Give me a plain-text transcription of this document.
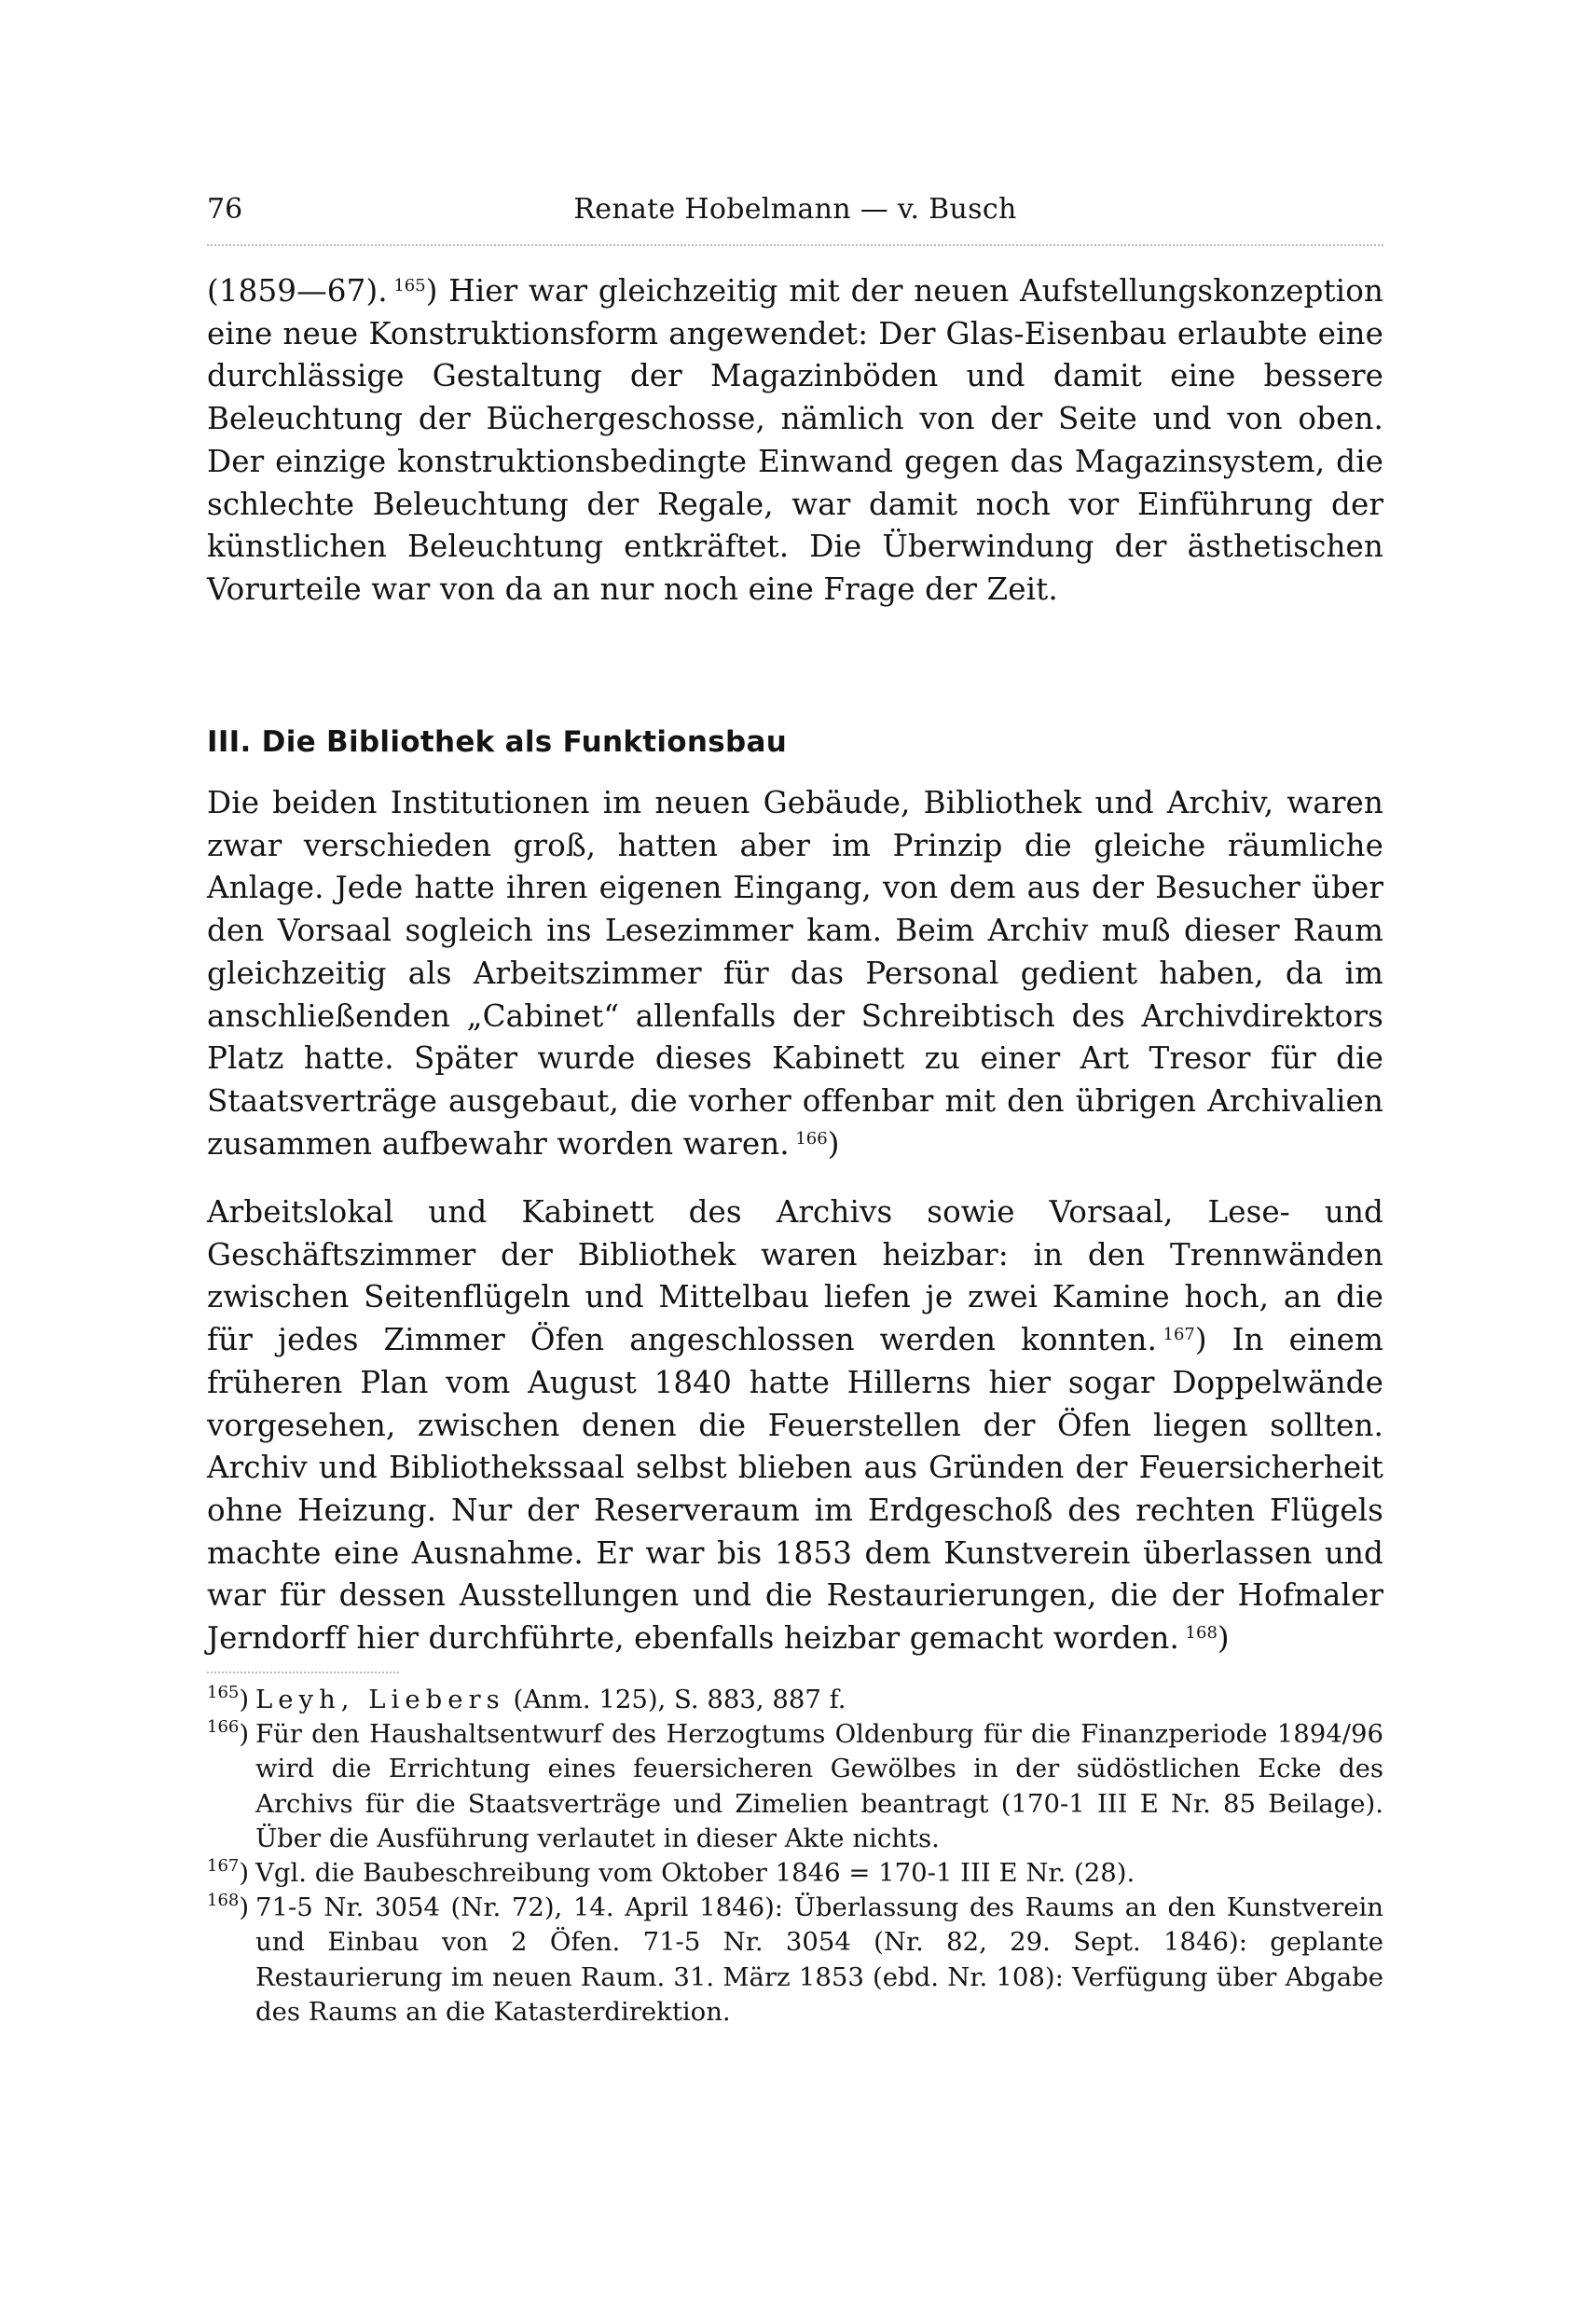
76	Renate Hobelmann — v. Busch
(1859—67).  $^{165}$) Hier war gleichzeitig mit der neuen Aufstellungskonzeption eine neue Konstruktionsform angewendet: Der Glas-Eisenbau erlaubte eine durchlässige Gestaltung der Magazinböden und damit eine bessere Beleuchtung der Büchergeschosse, nämlich von der Seite und von oben. Der einzige konstruktionsbedingte Einwand gegen das Magazinsystem, die schlechte Beleuchtung der Regale, war damit noch vor Einführung der künstlichen Beleuchtung entkräftet. Die Überwindung der ästhetischen Vorurteile war von da an nur noch eine Frage der Zeit.
III. Die Bibliothek als Funktionsbau
Die beiden Institutionen im neuen Gebäude, Bibliothek und Archiv, waren zwar verschieden groß, hatten aber im Prinzip die gleiche räumliche Anlage. Jede hatte ihren eigenen Eingang, von dem aus der Besucher über den Vorsaal sogleich ins Lesezimmer kam. Beim Archiv muß dieser Raum gleichzeitig als Arbeitszimmer für das Personal gedient haben, da im anschließenden „Cabinet“ allenfalls der Schreibtisch des Archivdirektors Platz hatte. Später wurde dieses Kabinett zu einer Art Tresor für die Staatsverträge ausgebaut, die vorher offenbar mit den übrigen Archivalien zusammen aufbewahr worden waren.  $^{166}$)
Arbeitslokal und Kabinett des Archivs sowie Vorsaal, Lese- und Geschäftszimmer der Bibliothek waren heizbar: in den Trennwänden zwischen Seitenflügeln und Mittelbau liefen je zwei Kamine hoch, an die für jedes Zimmer Öfen angeschlossen werden konnten.  $^{167}$) In einem früheren Plan vom August 1840 hatte Hillerns hier sogar Doppelwände vorgesehen, zwischen denen die Feuerstellen der Öfen liegen sollten. Archiv und Bibliothekssaal selbst blieben aus Gründen der Feuersicherheit ohne Heizung. Nur der Reserveraum im Erdgeschoß des rechten Flügels machte eine Ausnahme. Er war bis 1853 dem Kunstverein überlassen und war für dessen Ausstellungen und die Restaurierungen, die der Hofmaler Jerndorff hier durchführte, ebenfalls heizbar gemacht worden.  $^{168}$)
$^{165}$) Leyh, Liebers (Anm. 125), S. 883, 887 f.
$^{166}$) Für den Haushaltsentwurf des Herzogtums Oldenburg für die Finanzperiode 1894/96 wird die Errichtung eines feuersicheren Gewölbes in der südöstlichen Ecke des Archivs für die Staatsverträge und Zimelien beantragt (170-1 III E Nr. 85 Beilage). Über die Ausführung verlautet in dieser Akte nichts.
$^{167}$) Vgl. die Baubeschreibung vom Oktober 1846 = 170-1 III E Nr. (28).
$^{168}$) 71-5 Nr. 3054 (Nr. 72), 14. April 1846): Überlassung des Raums an den Kunstverein und Einbau von 2 Öfen. 71-5 Nr. 3054 (Nr. 82, 29. Sept. 1846): geplante Restaurierung im neuen Raum. 31. März 1853 (ebd. Nr. 108): Verfügung über Abgabe des Raums an die Katasterdirektion.
